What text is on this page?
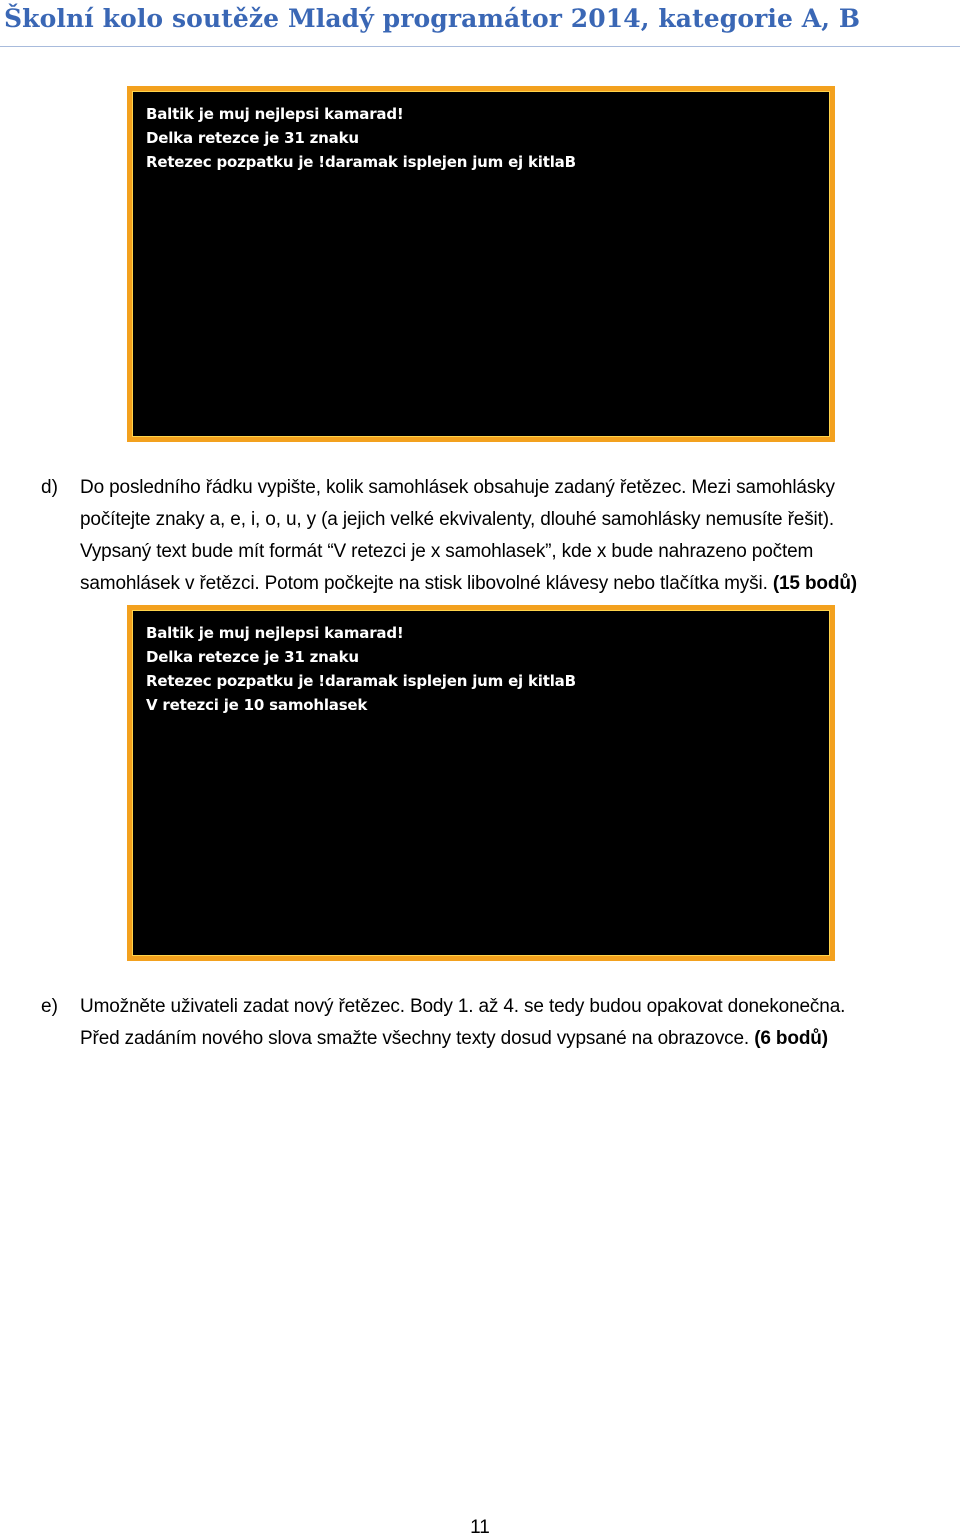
Školní kolo soutěže Mladý programátor 2014, kategorie A, B
Baltik je muj nejlepsi kamarad!
Delka retezce je 31 znaku
Retezec pozpatku je !daramak isplejen jum ej kitlaB
d) Do posledního řádku vypište, kolik samohlásek obsahuje zadaný řetězec. Mezi samohlásky
počítejte znaky a, e, i, o, u, y (a jejich velké ekvivalenty, dlouhé samohlásky nemusíte řešit).
Vypsaný text bude mít formát “V retezci je x samohlasek”, kde x bude nahrazeno počtem
samohlásek v řetězci. Potom počkejte na stisk libovolné klávesy nebo tlačítka myši. (15 bodů)
Baltik je muj nejlepsi kamarad!
Delka retezce je 31 znaku
Retezec pozpatku je !daramak isplejen jum ej kitlaB
V retezci je 10 samohlasek
e) Umožněte uživateli zadat nový řetězec. Body 1. až 4. se tedy budou opakovat donekonečna.
Před zadáním nového slova smažte všechny texty dosud vypsané na obrazovce. (6 bodů)
11
